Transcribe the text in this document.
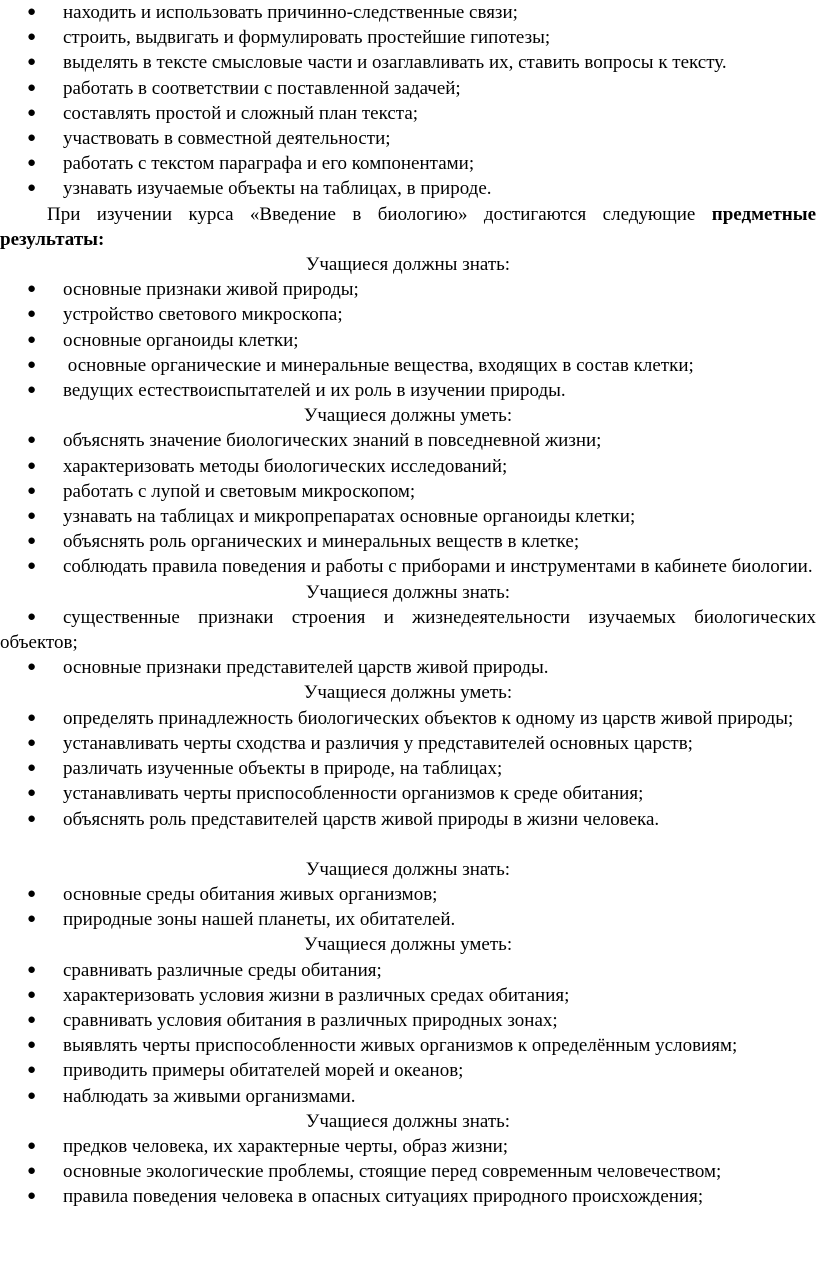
● находить и использовать причинно-следственные связи;
● строить, выдвигать и формулировать простейшие гипотезы;
● выделять в тексте смысловые части и озаглавливать их, ставить вопросы к тексту.
● работать в соответствии с поставленной задачей;
● составлять простой и сложный план текста;
● участвовать в совместной деятельности;
● работать с текстом параграфа и его компонентами;
● узнавать изучаемые объекты на таблицах, в природе.

При изучении курса «Введение в биологию» достигаются следующие предметные результаты:

Учащиеся должны знать:
● основные признаки живой природы;
● устройство светового микроскопа;
● основные органоиды клетки;
● основные органические и минеральные вещества, входящих в состав клетки;
● ведущих естествоиспытателей и их роль в изучении природы.
Учащиеся должны уметь:
● объяснять значение биологических знаний в повседневной жизни;
● характеризовать методы биологических исследований;
● работать с лупой и световым микроскопом;
● узнавать на таблицах и микропрепаратах основные органоиды клетки;
● объяснять роль органических и минеральных веществ в клетке;
● соблюдать правила поведения и работы с приборами и инструментами в кабинете биологии.
Учащиеся должны знать:
● существенные признаки строения и жизнедеятельности изучаемых биологических объектов;
● основные признаки представителей царств живой природы.
Учащиеся должны уметь:
● определять принадлежность биологических объектов к одному из царств живой природы;
● устанавливать черты сходства и различия у представителей основных царств;
● различать изученные объекты в природе, на таблицах;
● устанавливать черты приспособленности организмов к среде обитания;
● объяснять роль представителей царств живой природы в жизни человека.
Учащиеся должны знать:
● основные среды обитания живых организмов;
● природные зоны нашей планеты, их обитателей.
Учащиеся должны уметь:
● сравнивать различные среды обитания;
● характеризовать условия жизни в различных средах обитания;
● сравнивать условия обитания в различных природных зонах;
● выявлять черты приспособленности живых организмов к определённым условиям;
● приводить примеры обитателей морей и океанов;
● наблюдать за живыми организмами.
Учащиеся должны знать:
● предков человека, их характерные черты, образ жизни;
● основные экологические проблемы, стоящие перед современным человечеством;
● правила поведения человека в опасных ситуациях природного происхождения;
